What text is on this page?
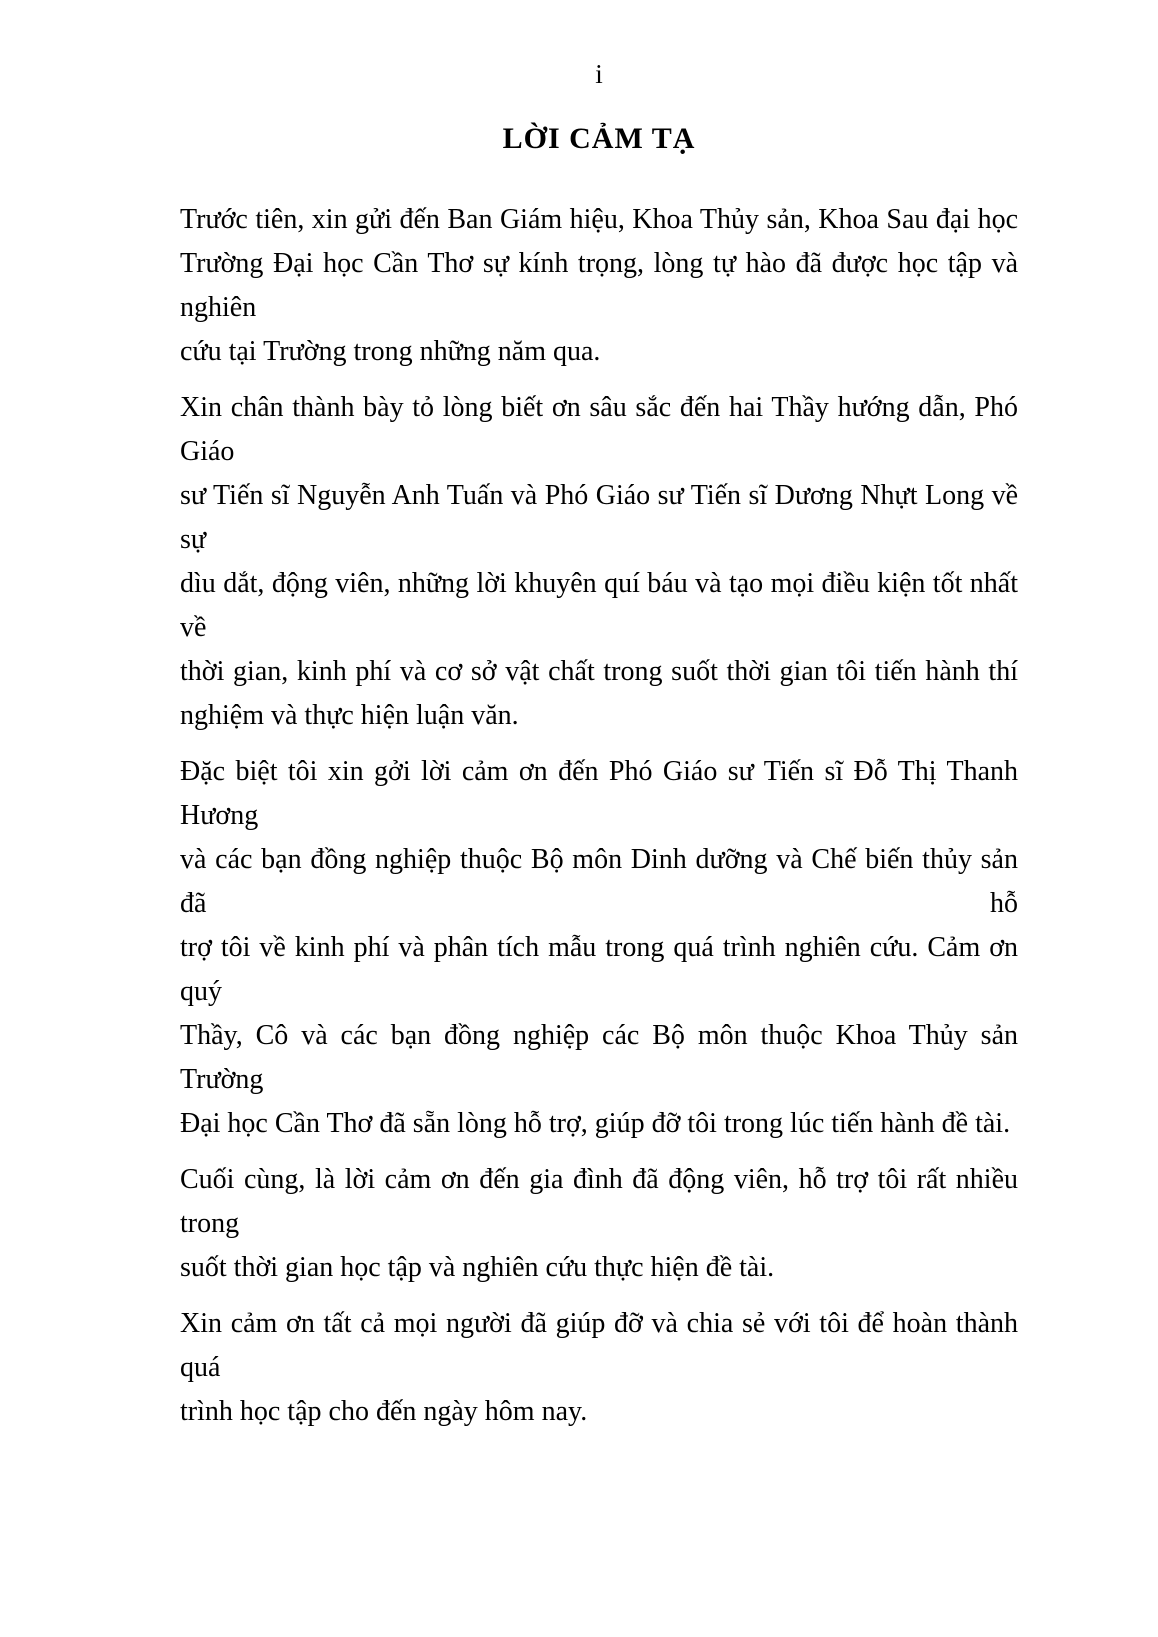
i
LỜI CẢM TẠ
Trước tiên, xin gửi đến Ban Giám hiệu, Khoa Thủy sản, Khoa Sau đại học
Trường Đại học Cần Thơ sự kính trọng, lòng tự hào đã được học tập và nghiên
cứu tại Trường trong những năm qua.
Xin chân thành bày tỏ lòng biết ơn sâu sắc đến hai Thầy hướng dẫn, Phó Giáo
sư Tiến sĩ Nguyễn Anh Tuấn và Phó Giáo sư Tiến sĩ Dương Nhựt Long về sự
dìu dắt, động viên, những lời khuyên quí báu và tạo mọi điều kiện tốt nhất về
thời gian, kinh phí và cơ sở vật chất trong suốt thời gian tôi tiến hành thí
nghiệm và thực hiện luận văn.
Đặc biệt tôi xin gởi lời cảm ơn đến Phó Giáo sư Tiến sĩ Đỗ Thị Thanh Hương
và các bạn đồng nghiệp thuộc Bộ môn Dinh dưỡng và Chế biến thủy sản đã hỗ
trợ tôi về kinh phí và phân tích mẫu trong quá trình nghiên cứu. Cảm ơn quý
Thầy, Cô và các bạn đồng nghiệp các Bộ môn thuộc Khoa Thủy sản Trường
Đại học Cần Thơ đã sẵn lòng hỗ trợ, giúp đỡ tôi trong lúc tiến hành đề tài.
Cuối cùng, là lời cảm ơn đến gia đình đã động viên, hỗ trợ tôi rất nhiều trong
suốt thời gian học tập và nghiên cứu thực hiện đề tài.
Xin cảm ơn tất cả mọi người đã giúp đỡ và chia sẻ với tôi để hoàn thành quá
trình học tập cho đến ngày hôm nay.
